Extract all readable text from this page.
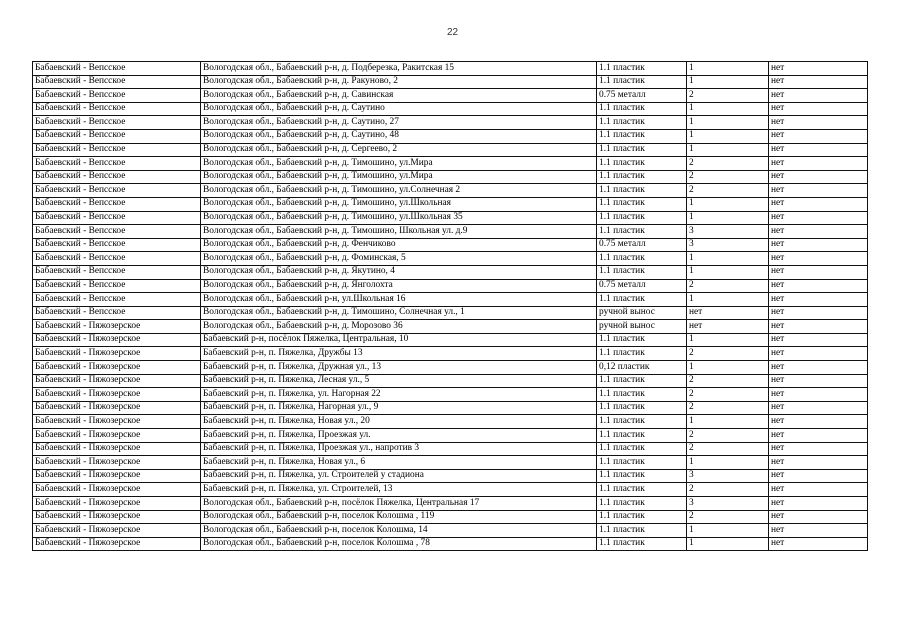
22
Бабаевский - Вепсское	Вологодская обл., Бабаевский р-н, д. Подберезка, Ракитская 15	1.1 пластик	1	нет
Бабаевский - Вепсское	Вологодская обл., Бабаевский р-н, д. Ракуново, 2	1.1 пластик	1	нет
Бабаевский - Вепсское	Вологодская обл., Бабаевский р-н, д. Савинская	0.75 металл	2	нет
Бабаевский - Вепсское	Вологодская обл., Бабаевский р-н, д. Саутино	1.1 пластик	1	нет
Бабаевский - Вепсское	Вологодская обл., Бабаевский р-н, д. Саутино, 27	1.1 пластик	1	нет
Бабаевский - Вепсское	Вологодская обл., Бабаевский р-н, д. Саутино, 48	1.1 пластик	1	нет
Бабаевский - Вепсское	Вологодская обл., Бабаевский р-н, д. Сергеево, 2	1.1 пластик	1	нет
Бабаевский - Вепсское	Вологодская обл., Бабаевский р-н, д. Тимошино, ул.Мира	1.1 пластик	2	нет
Бабаевский - Вепсское	Вологодская обл., Бабаевский р-н, д. Тимошино, ул.Мира	1.1 пластик	2	нет
Бабаевский - Вепсское	Вологодская обл., Бабаевский р-н, д. Тимошино, ул.Солнечная 2	1.1 пластик	2	нет
Бабаевский - Вепсское	Вологодская обл., Бабаевский р-н, д. Тимошино, ул.Школьная	1.1 пластик	1	нет
Бабаевский - Вепсское	Вологодская обл., Бабаевский р-н, д. Тимошино, ул.Школьная 35	1.1 пластик	1	нет
Бабаевский - Вепсское	Вологодская обл., Бабаевский р-н, д. Тимошино, Школьная ул. д.9	1.1 пластик	3	нет
Бабаевский - Вепсское	Вологодская обл., Бабаевский р-н, д. Фенчиково	0.75 металл	3	нет
Бабаевский - Вепсское	Вологодская обл., Бабаевский р-н, д. Фоминская, 5	1.1 пластик	1	нет
Бабаевский - Вепсское	Вологодская обл., Бабаевский р-н, д. Якутино, 4	1.1 пластик	1	нет
Бабаевский - Вепсское	Вологодская обл., Бабаевский р-н, д. Янголохта	0.75 металл	2	нет
Бабаевский - Вепсское	Вологодская обл., Бабаевский р-н, ул.Школьная 16	1.1 пластик	1	нет
Бабаевский - Вепсское	Вологодская обл., Бабаевский р-н, д. Тимошино, Солнечная ул., 1	ручной вынос	нет	нет
Бабаевский - Пяжозерское	Вологодская обл., Бабаевский р-н, д. Морозово 36	ручной вынос	нет	нет
Бабаевский - Пяжозерское	Бабаевский р-н, посёлок Пяжелка, Центральная, 10	1.1 пластик	1	нет
Бабаевский - Пяжозерское	Бабаевский р-н, п. Пяжелка, Дружбы 13	1.1 пластик	2	нет
Бабаевский - Пяжозерское	Бабаевский р-н, п. Пяжелка, Дружная ул., 13	0,12 пластик	1	нет
Бабаевский - Пяжозерское	Бабаевский р-н, п. Пяжелка, Лесная ул., 5	1.1 пластик	2	нет
Бабаевский - Пяжозерское	Бабаевский р-н, п. Пяжелка, ул. Нагорная 22	1.1 пластик	2	нет
Бабаевский - Пяжозерское	Бабаевский р-н, п. Пяжелка, Нагорная ул., 9	1.1 пластик	2	нет
Бабаевский - Пяжозерское	Бабаевский р-н, п. Пяжелка, Новая ул., 20	1.1 пластик	1	нет
Бабаевский - Пяжозерское	Бабаевский р-н, п. Пяжелка, Проезжая ул.	1.1 пластик	2	нет
Бабаевский - Пяжозерское	Бабаевский р-н, п. Пяжелка, Проезжая ул., напротив 3	1.1 пластик	2	нет
Бабаевский - Пяжозерское	Бабаевский р-н, п. Пяжелка, Новая ул., 6	1.1 пластик	1	нет
Бабаевский - Пяжозерское	Бабаевский р-н, п. Пяжелка, ул. Строителей у стадиона	1.1 пластик	3	нет
Бабаевский - Пяжозерское	Бабаевский р-н, п. Пяжелка, ул. Строителей, 13	1.1 пластик	2	нет
Бабаевский - Пяжозерское	Вологодская обл., Бабаевский р-н, посёлок Пяжелка, Центральная 17	1.1 пластик	3	нет
Бабаевский - Пяжозерское	Вологодская обл., Бабаевский р-н, поселок Колошма , 119	1.1 пластик	2	нет
Бабаевский - Пяжозерское	Вологодская обл., Бабаевский р-н, поселок Колошма, 14	1.1 пластик	1	нет
Бабаевский - Пяжозерское	Вологодская обл., Бабаевский р-н, поселок Колошма , 78	1.1 пластик	1	нет
